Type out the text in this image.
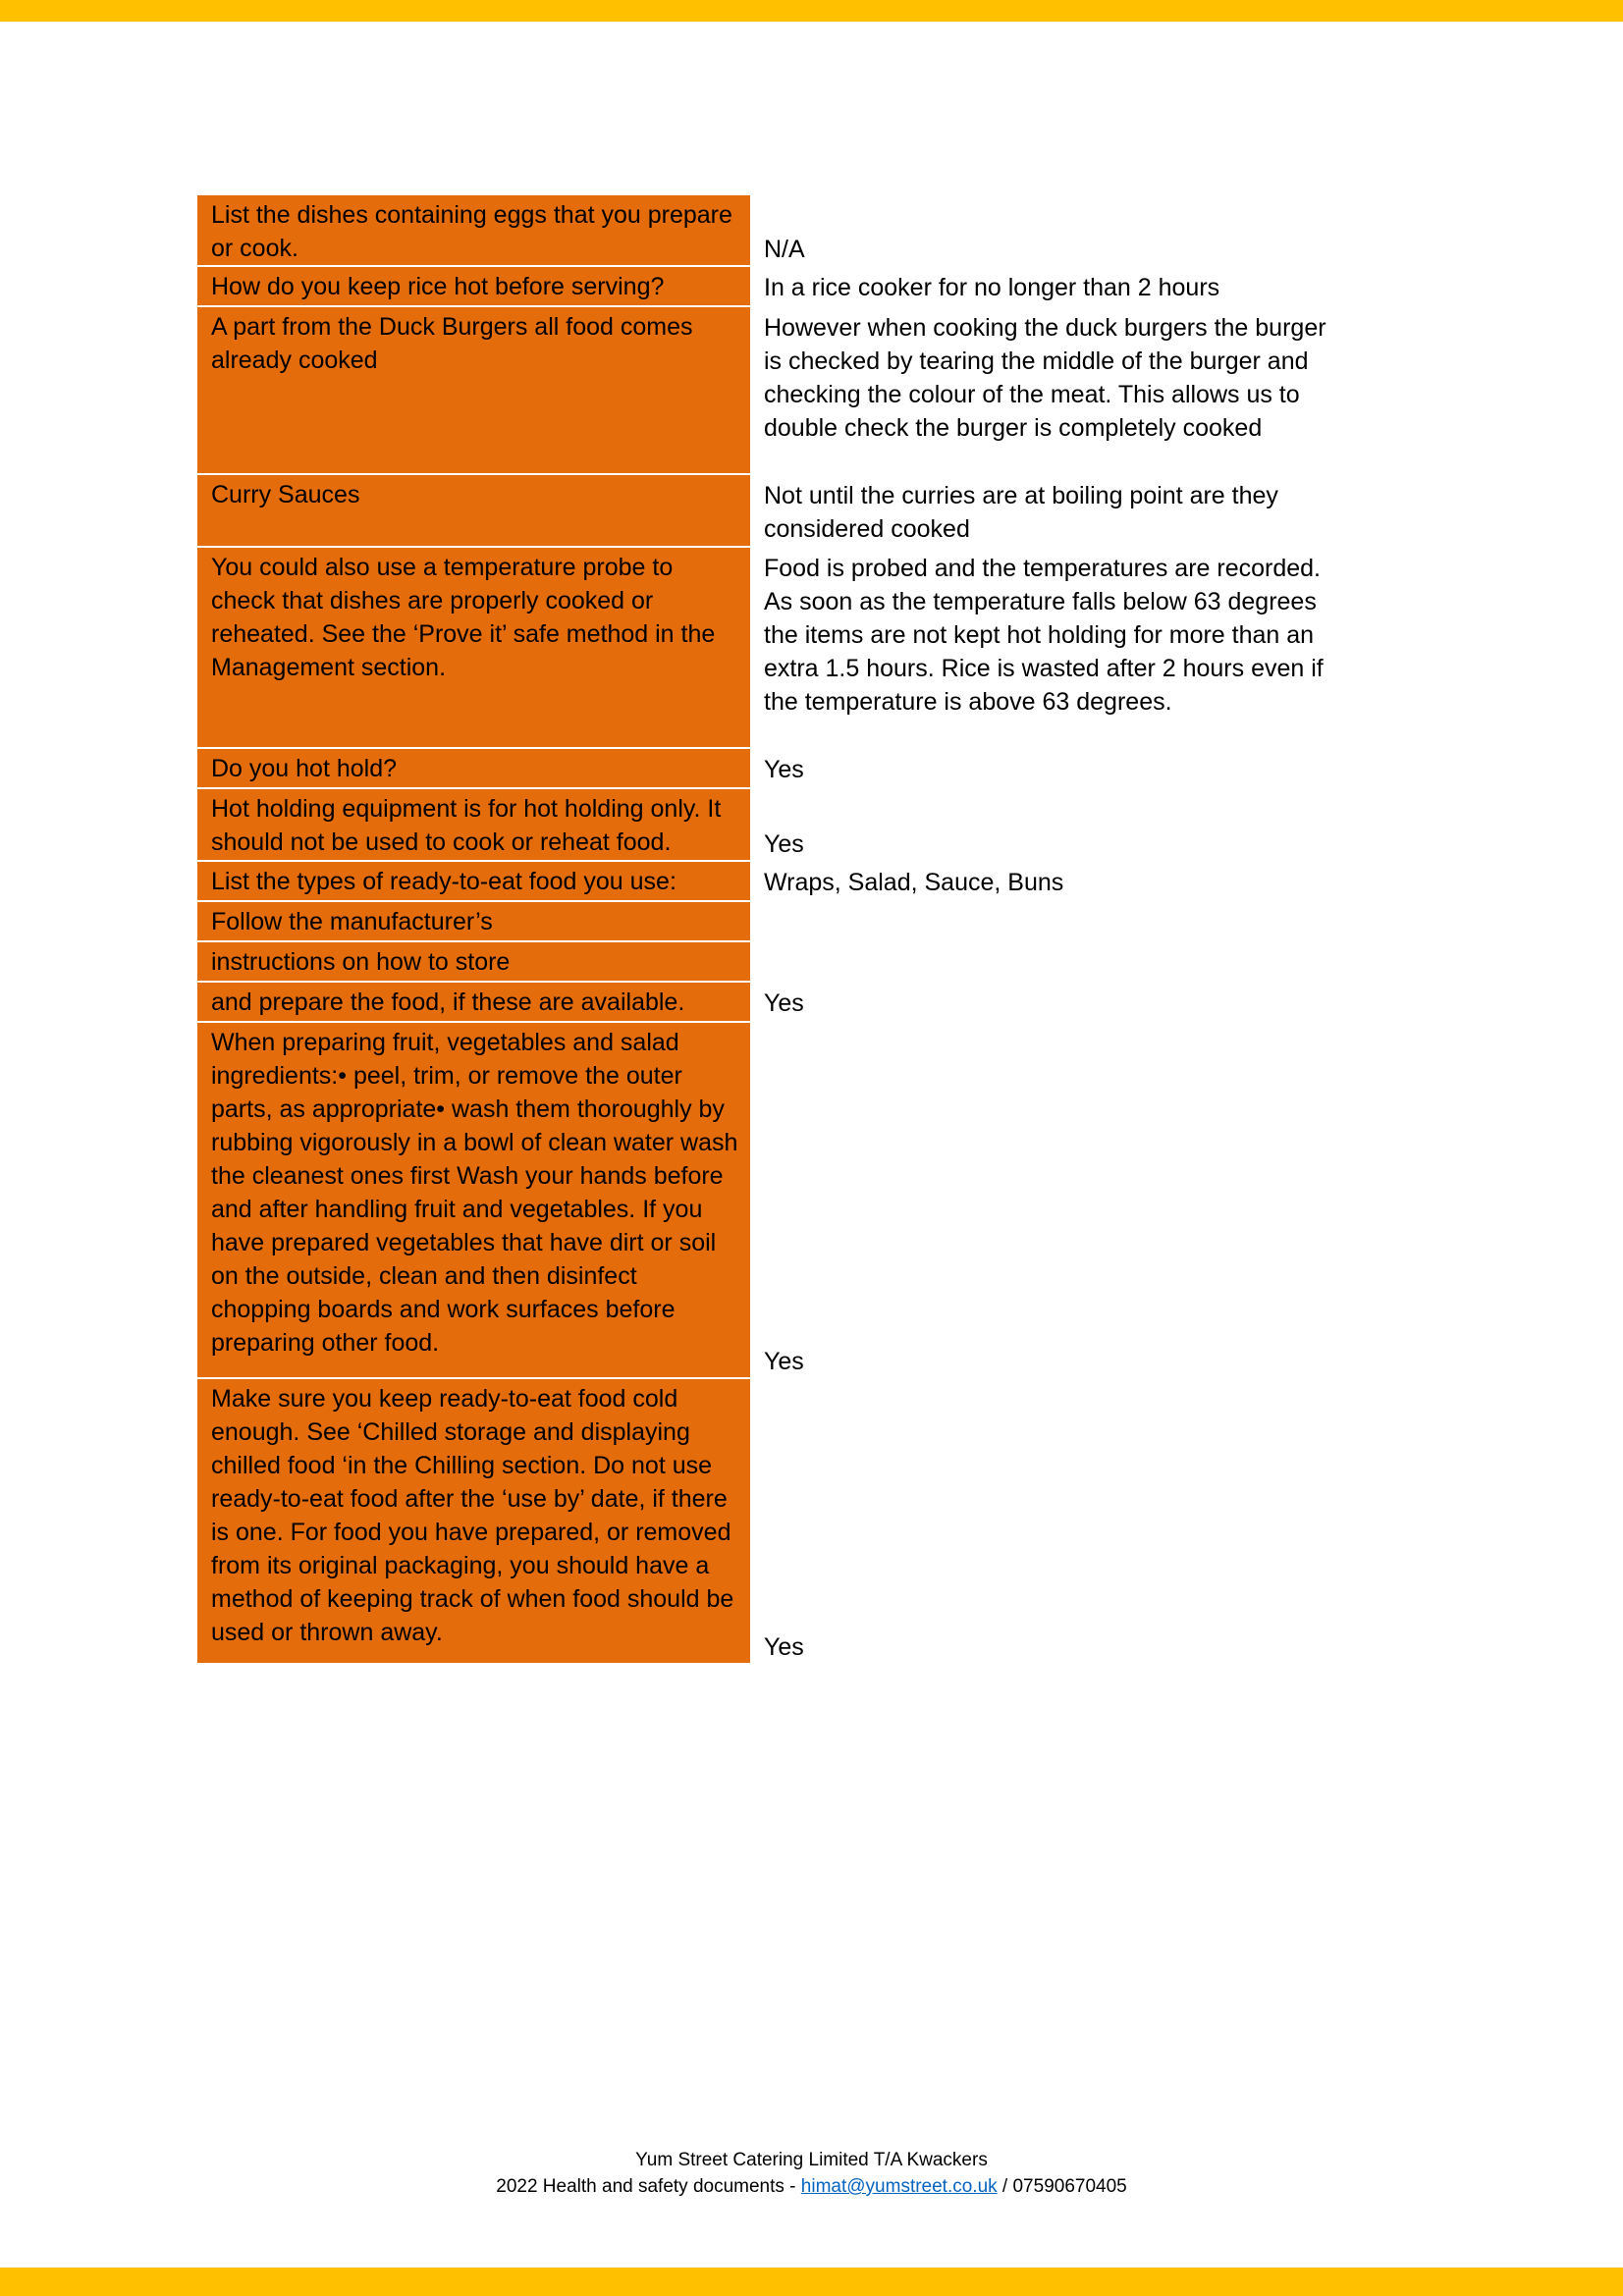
List the dishes containing eggs that you prepare or cook.	N/A
How do you keep rice hot before serving?	In a rice cooker for no longer than 2 hours
A part from the Duck Burgers all food comes already cooked	However when cooking the duck burgers the burger is checked by tearing the middle of the burger and checking the colour of the meat. This allows us to double check the burger is completely cooked
Curry Sauces	Not until the curries are at boiling point are they considered cooked
You could also use a temperature probe to check that dishes are properly cooked or reheated. See the ‘Prove it’ safe method in the Management section.	Food is probed and the temperatures are recorded. As soon as the temperature falls below 63 degrees the items are not kept hot holding for more than an extra 1.5 hours. Rice is wasted after 2 hours even if the temperature is above 63 degrees.
Do you hot hold?	Yes
Hot holding equipment is for hot holding only. It should not be used to cook or reheat food.	Yes
List the types of ready-to-eat food you use:	Wraps, Salad, Sauce, Buns
Follow the manufacturer’s	
instructions on how to store	
and prepare the food, if these are available.	Yes
When preparing fruit, vegetables and salad ingredients:• peel, trim, or remove the outer parts, as appropriate• wash them thoroughly by rubbing vigorously in a bowl of clean water wash the cleanest ones first Wash your hands before and after handling fruit and vegetables. If you have prepared vegetables that have dirt or soil on the outside, clean and then disinfect chopping boards and work surfaces before preparing other food.	Yes
Make sure you keep ready-to-eat food cold enough. See ‘Chilled storage and displaying chilled food ‘in the Chilling section. Do not use ready-to-eat food after the ‘use by’ date, if there is one. For food you have prepared, or removed from its original packaging, you should have a method of keeping track of when food should be used or thrown away.	Yes
Yum Street Catering Limited T/A Kwackers
2022 Health and safety documents - himat@yumstreet.co.uk / 07590670405
